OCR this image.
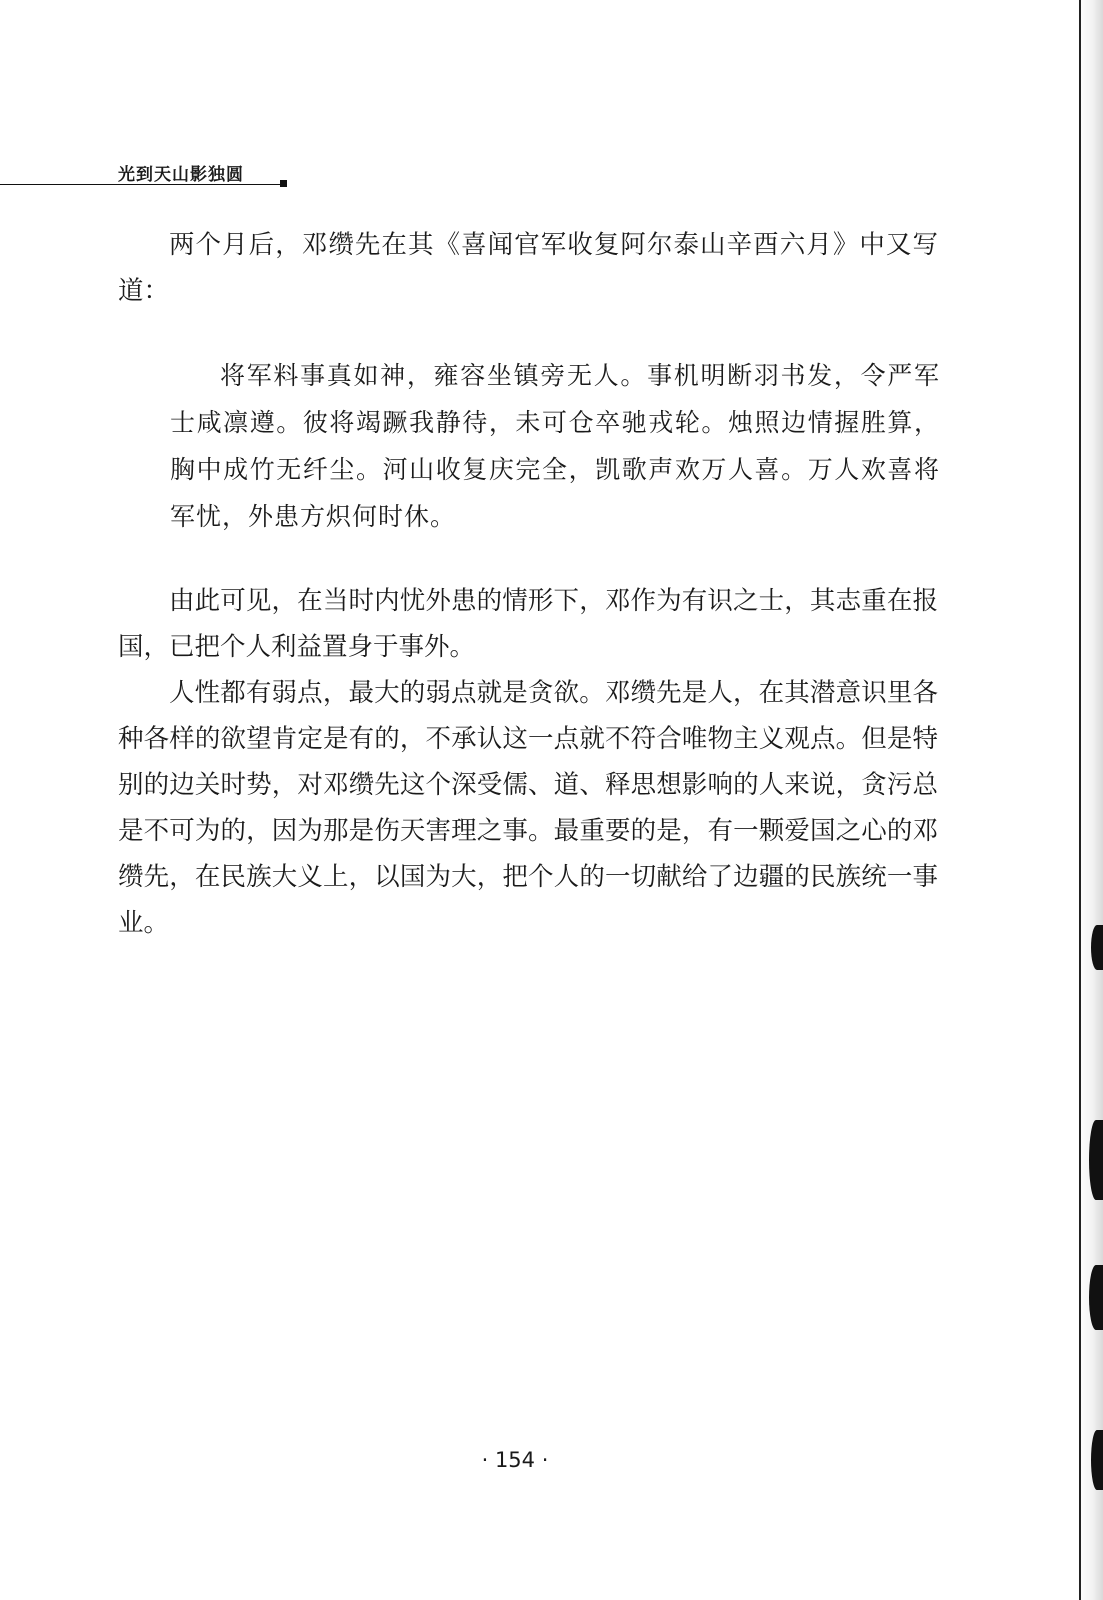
光到天山影独圆

两个月后，邓缵先在其《喜闻官军收复阿尔泰山辛酉六月》中又写道：

将军料事真如神，雍容坐镇旁无人。事机明断羽书发，令严军士咸凛遵。彼将竭蹶我静待，未可仓卒驰戎轮。烛照边情握胜算，胸中成竹无纤尘。河山收复庆完全，凯歌声欢万人喜。万人欢喜将军忧，外患方炽何时休。

由此可见，在当时内忧外患的情形下，邓作为有识之士，其志重在报国，已把个人利益置身于事外。

人性都有弱点，最大的弱点就是贪欲。邓缵先是人，在其潜意识里各种各样的欲望肯定是有的，不承认这一点就不符合唯物主义观点。但是特别的边关时势，对邓缵先这个深受儒、道、释思想影响的人来说，贪污总是不可为的，因为那是伤天害理之事。最重要的是，有一颗爱国之心的邓缵先，在民族大义上，以国为大，把个人的一切献给了边疆的民族统一事业。

· 154 ·
